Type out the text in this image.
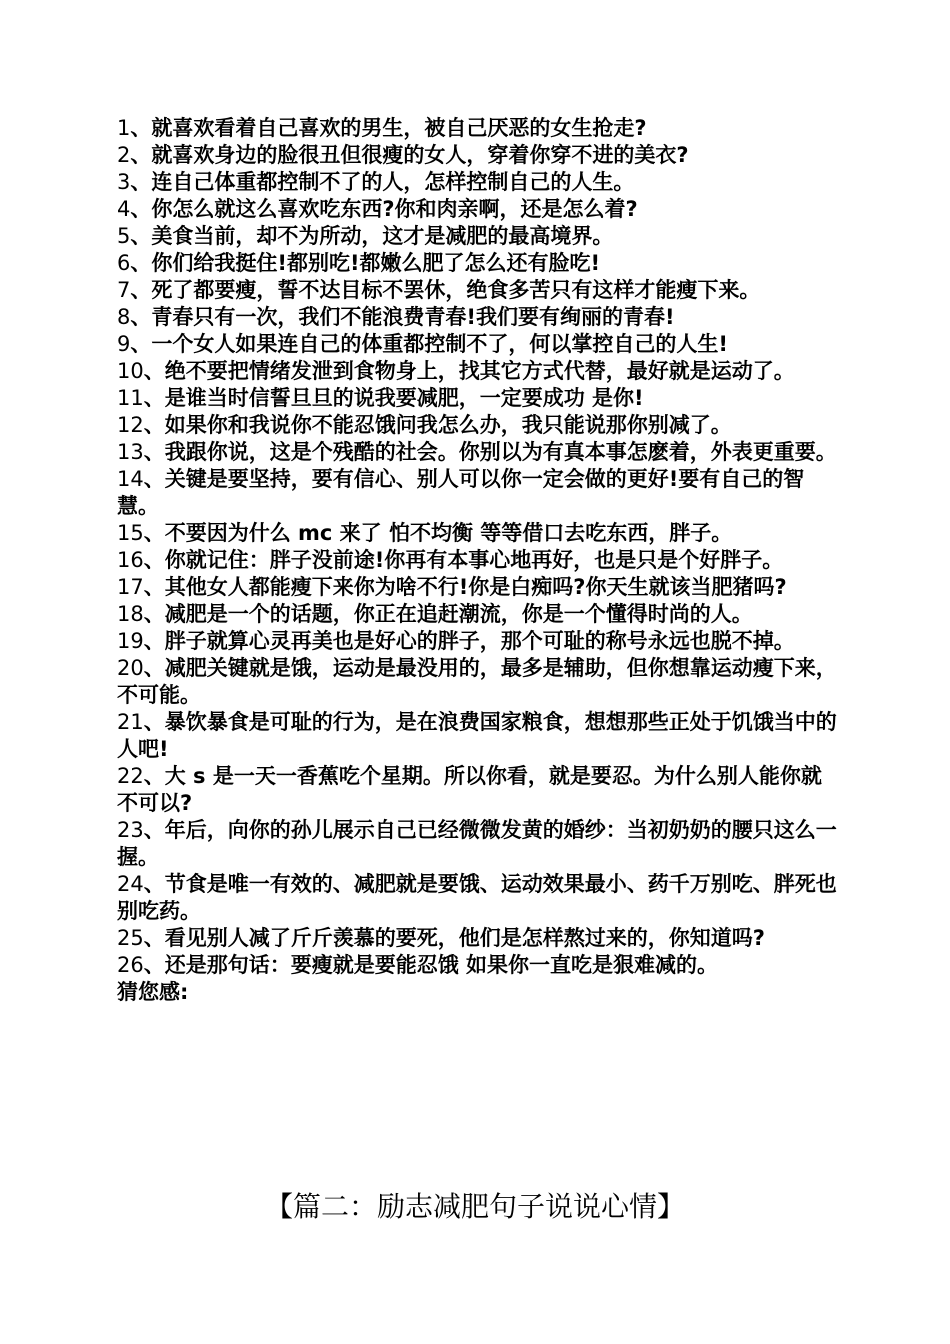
1、就喜欢看着自己喜欢的男生，被自己厌恶的女生抢走?

2、就喜欢身边的脸很丑但很瘦的女人，穿着你穿不进的美衣?

3、连自己体重都控制不了的人，怎样控制自己的人生。

4、你怎么就这么喜欢吃东西?你和肉亲啊，还是怎么着?

5、美食当前，却不为所动，这才是减肥的最高境界。

6、你们给我挺住!都别吃!都嫩么肥了怎么还有脸吃!

7、死了都要瘦，誓不达目标不罢休，绝食多苦只有这样才能瘦下来。

8、青春只有一次，我们不能浪费青春!我们要有绚丽的青春!

9、一个女人如果连自己的体重都控制不了，何以掌控自己的人生!

10、绝不要把情绪发泄到食物身上，找其它方式代替，最好就是运动了。

11、是谁当时信誓旦旦的说我要减肥，一定要成功 是你!

12、如果你和我说你不能忍饿问我怎么办，我只能说那你别减了。

13、我跟你说，这是个残酷的社会。你别以为有真本事怎麽着，外表更重要。

14、关键是要坚持，要有信心、别人可以你一定会做的更好!要有自己的智慧。

15、不要因为什么 mc 来了 怕不均衡 等等借口去吃东西，胖子。

16、你就记住：胖子没前途!你再有本事心地再好，也是只是个好胖子。

17、其他女人都能瘦下来你为啥不行!你是白痴吗?你天生就该当肥猪吗?

18、减肥是一个的话题，你正在追赶潮流，你是一个懂得时尚的人。

19、胖子就算心灵再美也是好心的胖子，那个可耻的称号永远也脱不掉。

20、减肥关键就是饿，运动是最没用的，最多是辅助，但你想靠运动瘦下来，不可能。

21、暴饮暴食是可耻的行为，是在浪费国家粮食，想想那些正处于饥饿当中的人吧!

22、大 s 是一天一香蕉吃个星期。所以你看，就是要忍。为什么别人能你就不可以?

23、年后，向你的孙儿展示自己已经微微发黄的婚纱：当初奶奶的腰只这么一握。

24、节食是唯一有效的、减肥就是要饿、运动效果最小、药千万别吃、胖死也别吃药。

25、看见别人减了斤斤羡慕的要死，他们是怎样熬过来的，你知道吗?

26、还是那句话：要瘦就是要能忍饿 如果你一直吃是狠难减的。

猜您感:

【篇二：励志减肥句子说说心情】
